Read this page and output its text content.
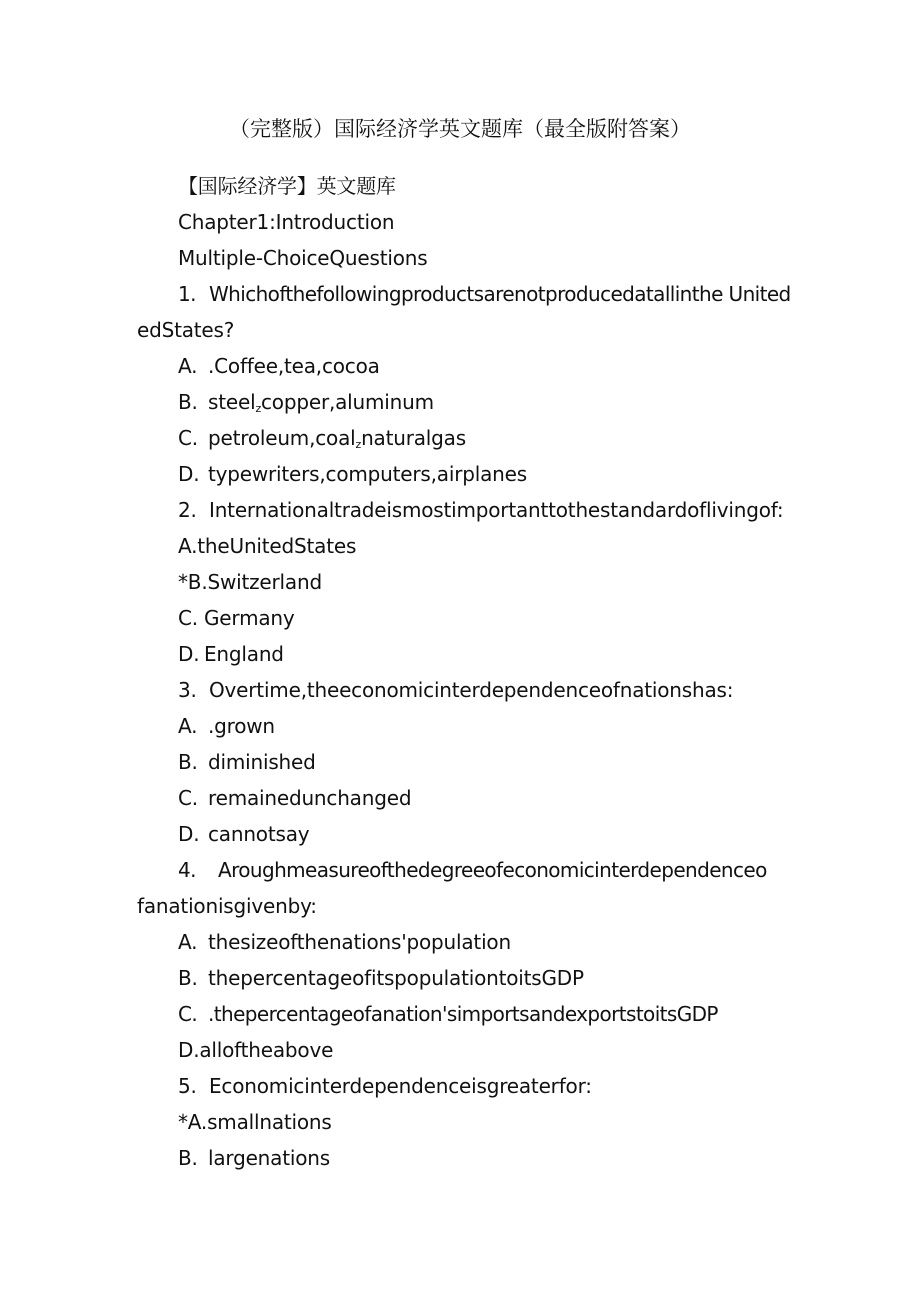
（完整版）国际经济学英文题库（最全版附答案）
【国际经济学】英文题库
Chapter1:Introduction
Multiple-ChoiceQuestions
1. Whichofthefollowingproductsarenotproducedatallinthe United
edStates?
A. .Coffee,tea,cocoa
B. steel$_z$copper,aluminum
C. petroleum,coal$_z$naturalgas
D. typewriters,computers,airplanes
2. Internationaltradeismostimportanttothestandardoflivingof:
A.theUnitedStates
*B.Switzerland
C. Germany
D. England
3. Overtime,theeconomicinterdependenceofnationshas:
A. .grown
B. diminished
C. remainedunchanged
D. cannotsay
4. Aroughmeasureofthedegreeofeconomicinterdependenceo
fanationisgivenby:
A. thesizeofthenations'population
B. thepercentageofitspopulationtoitsGDP
C. .thepercentageofanation'simportsandexportstoitsGDP
D.alloftheabove
5. Economicinterdependenceisgreaterfor:
*A.smallnations
B. largenations
